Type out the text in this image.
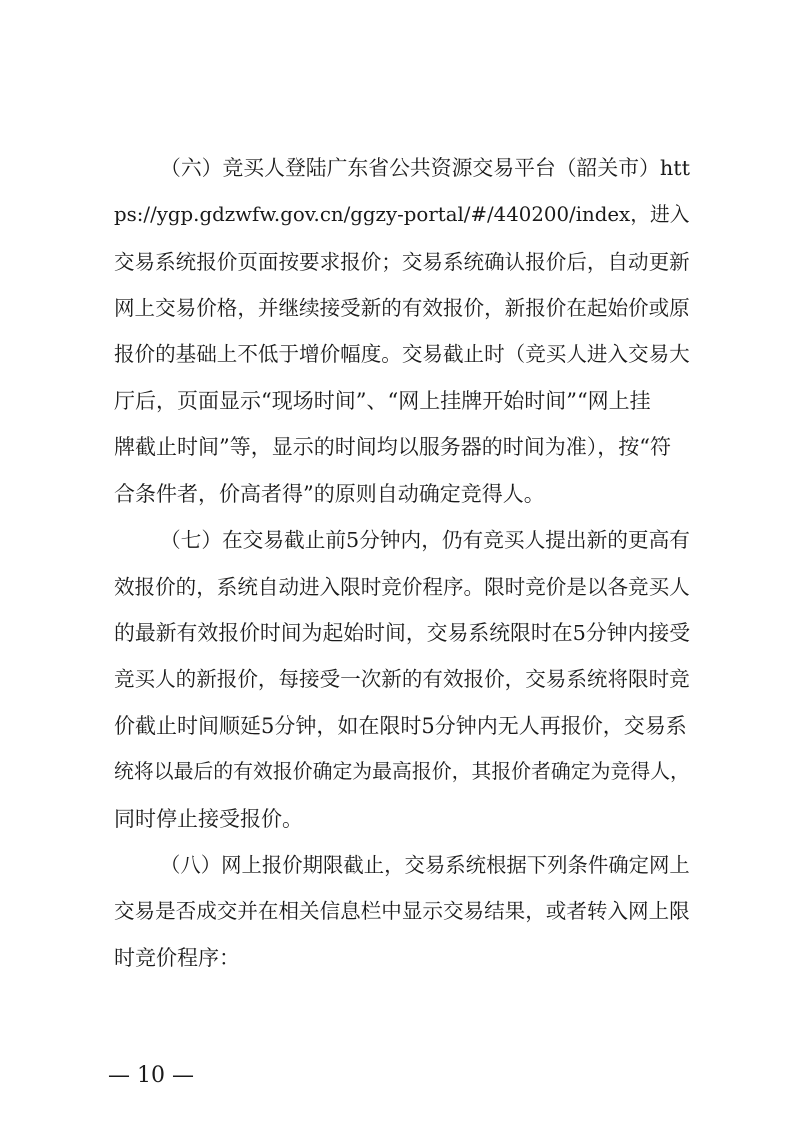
（六）竞买人登陆广东省公共资源交易平台（韶关市）htt
ps://ygp.gdzwfw.gov.cn/ggzy-portal/#/440200/index，进入
交易系统报价页面按要求报价；交易系统确认报价后，自动更新
网上交易价格，并继续接受新的有效报价，新报价在起始价或原
报价的基础上不低于增价幅度。交易截止时（竞买人进入交易大
厅后，页面显示“现场时间”、“网上挂牌开始时间”“网上挂
牌截止时间”等，显示的时间均以服务器的时间为准），按“符
合条件者，价高者得”的原则自动确定竞得人。
（七）在交易截止前5分钟内，仍有竞买人提出新的更高有
效报价的，系统自动进入限时竞价程序。限时竞价是以各竞买人
的最新有效报价时间为起始时间，交易系统限时在5分钟内接受
竞买人的新报价，每接受一次新的有效报价，交易系统将限时竞
价截止时间顺延5分钟，如在限时5分钟内无人再报价，交易系
统将以最后的有效报价确定为最高报价，其报价者确定为竞得人，
同时停止接受报价。
（八）网上报价期限截止，交易系统根据下列条件确定网上
交易是否成交并在相关信息栏中显示交易结果，或者转入网上限
时竞价程序：
— 10 —
